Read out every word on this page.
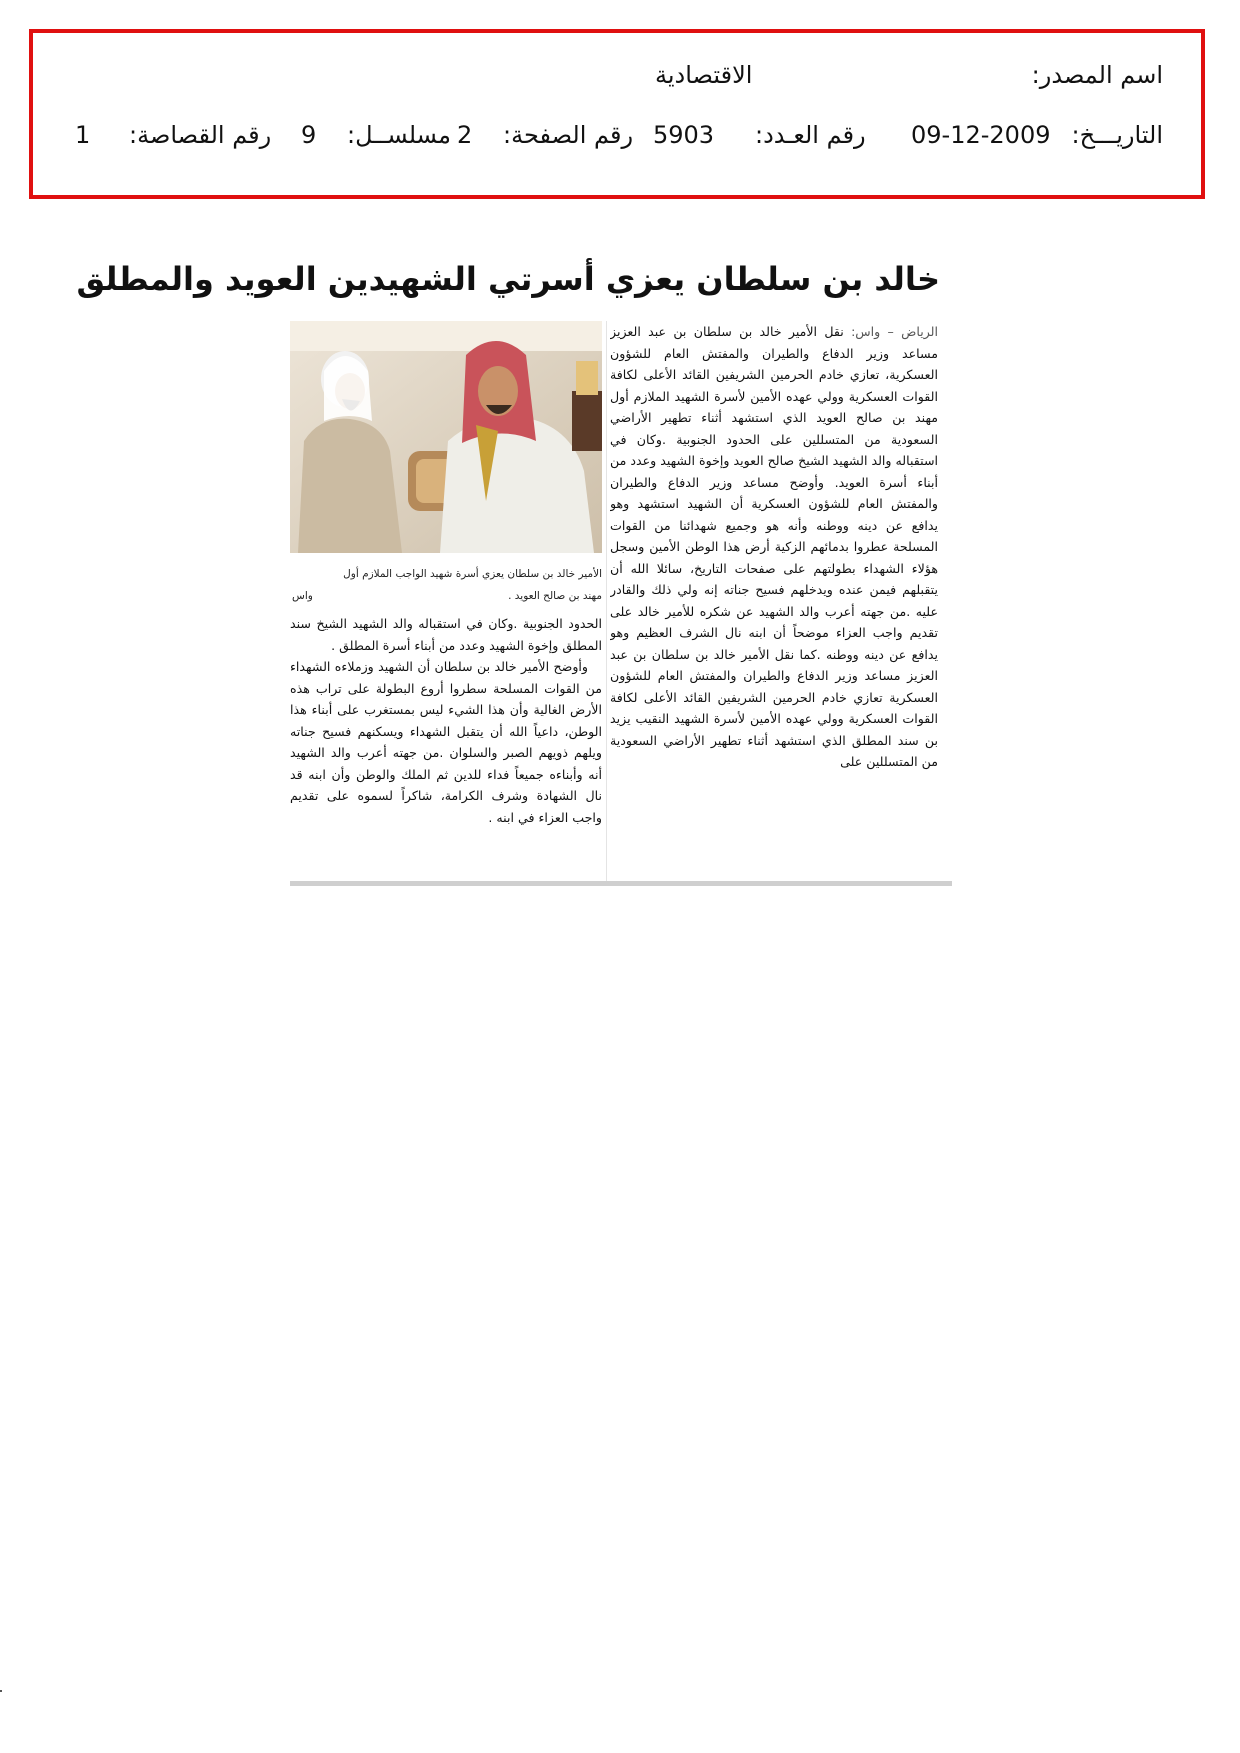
اسم المصدر:
الاقتصادية
التاريـــخ:
09-12-2009
رقم العـدد:
5903
رقم الصفحة:
2
مسلســل:
9
رقم القصاصة:
1
خالد بن سلطان يعزي أسرتي الشهيدين العويد والمطلق

الرياض – واس: نقل الأمير خالد بن سلطان بن عبد العزيز مساعد وزير الدفاع والطيران والمفتش العام للشؤون العسكرية، تعازي خادم الحرمين الشريفين القائد الأعلى لكافة القوات العسكرية وولي عهده الأمين لأسرة الشهيد الملازم أول مهند بن صالح العويد الذي استشهد أثناء تطهير الأراضي السعودية من المتسللين على الحدود الجنوبية .وكان في استقباله والد الشهيد الشيخ صالح العويد وإخوة الشهيد وعدد من أبناء أسرة العويد. وأوضح مساعد وزير الدفاع والطيران والمفتش العام للشؤون العسكرية أن الشهيد استشهد وهو يدافع عن دينه ووطنه وأنه هو وجميع شهدائنا من القوات المسلحة عطروا بدمائهم الزكية أرض هذا الوطن الأمين وسجل هؤلاء الشهداء بطولتهم على صفحات التاريخ، سائلا الله أن يتقبلهم فيمن عنده ويدخلهم فسيح جناته إنه ولي ذلك والقادر عليه .من جهته أعرب والد الشهيد عن شكره للأمير خالد على تقديم واجب العزاء موضحاً أن ابنه نال الشرف العظيم وهو يدافع عن دينه ووطنه .كما نقل الأمير خالد بن سلطان بن عبد العزيز مساعد وزير الدفاع والطيران والمفتش العام للشؤون العسكرية تعازي خادم الحرمين الشريفين القائد الأعلى لكافة القوات العسكرية وولي عهده الأمين لأسرة الشهيد النقيب يزيد بن سند المطلق الذي استشهد أثناء تطهير الأراضي السعودية من المتسللين على

الأمير خالد بن سلطان يعزي أسرة شهيد الواجب الملازم أول
مهند بن صالح العويد .
واس

الحدود الجنوبية .وكان في استقباله والد الشهيد الشيخ سند المطلق وإخوة الشهيد وعدد من أبناء أسرة المطلق .

وأوضح الأمير خالد بن سلطان أن الشهيد وزملاءه الشهداء من القوات المسلحة سطروا أروع البطولة على تراب هذه الأرض الغالية وأن هذا الشيء ليس بمستغرب على أبناء هذا الوطن، داعياً الله أن يتقبل الشهداء ويسكنهم فسيح جناته ويلهم ذويهم الصبر والسلوان .من جهته أعرب والد الشهيد أنه وأبناءه جميعاً فداء للدين ثم الملك والوطن وأن ابنه قد نال الشهادة وشرف الكرامة، شاكراً لسموه على تقديم واجب العزاء في ابنه .
